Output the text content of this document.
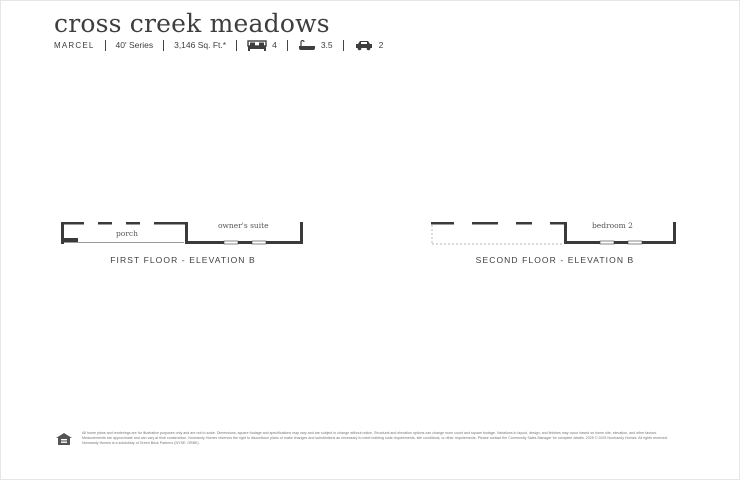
cross creek meadows
MARCEL 40' Series 3,146 Sq. Ft.*	4	3.5	2
porch
owner's suite
FIRST FLOOR - ELEVATION B
bedroom 2
SECOND FLOOR - ELEVATION B
All home plans and renderings are for illustrative purposes only and are not to scale. Dimensions, square footage and specifications may vary and are subject to change without notice. Structural and elevation options can change room count and square footage. Variations in layout, design, and finishes may occur based on home site, elevation, and other factors. Measurements are approximate and can vary at final construction. Normandy Homes reserves the right to discontinue plans or make changes and substitutions as necessary to meet building code requirements, site conditions, or other requirements. Please contact the Community Sales Manager for complete details. 2025 © 2025 Normandy Homes. All rights reserved. Normandy Homes is a subsidiary of Green Brick Partners (NYSE: GRBK).
